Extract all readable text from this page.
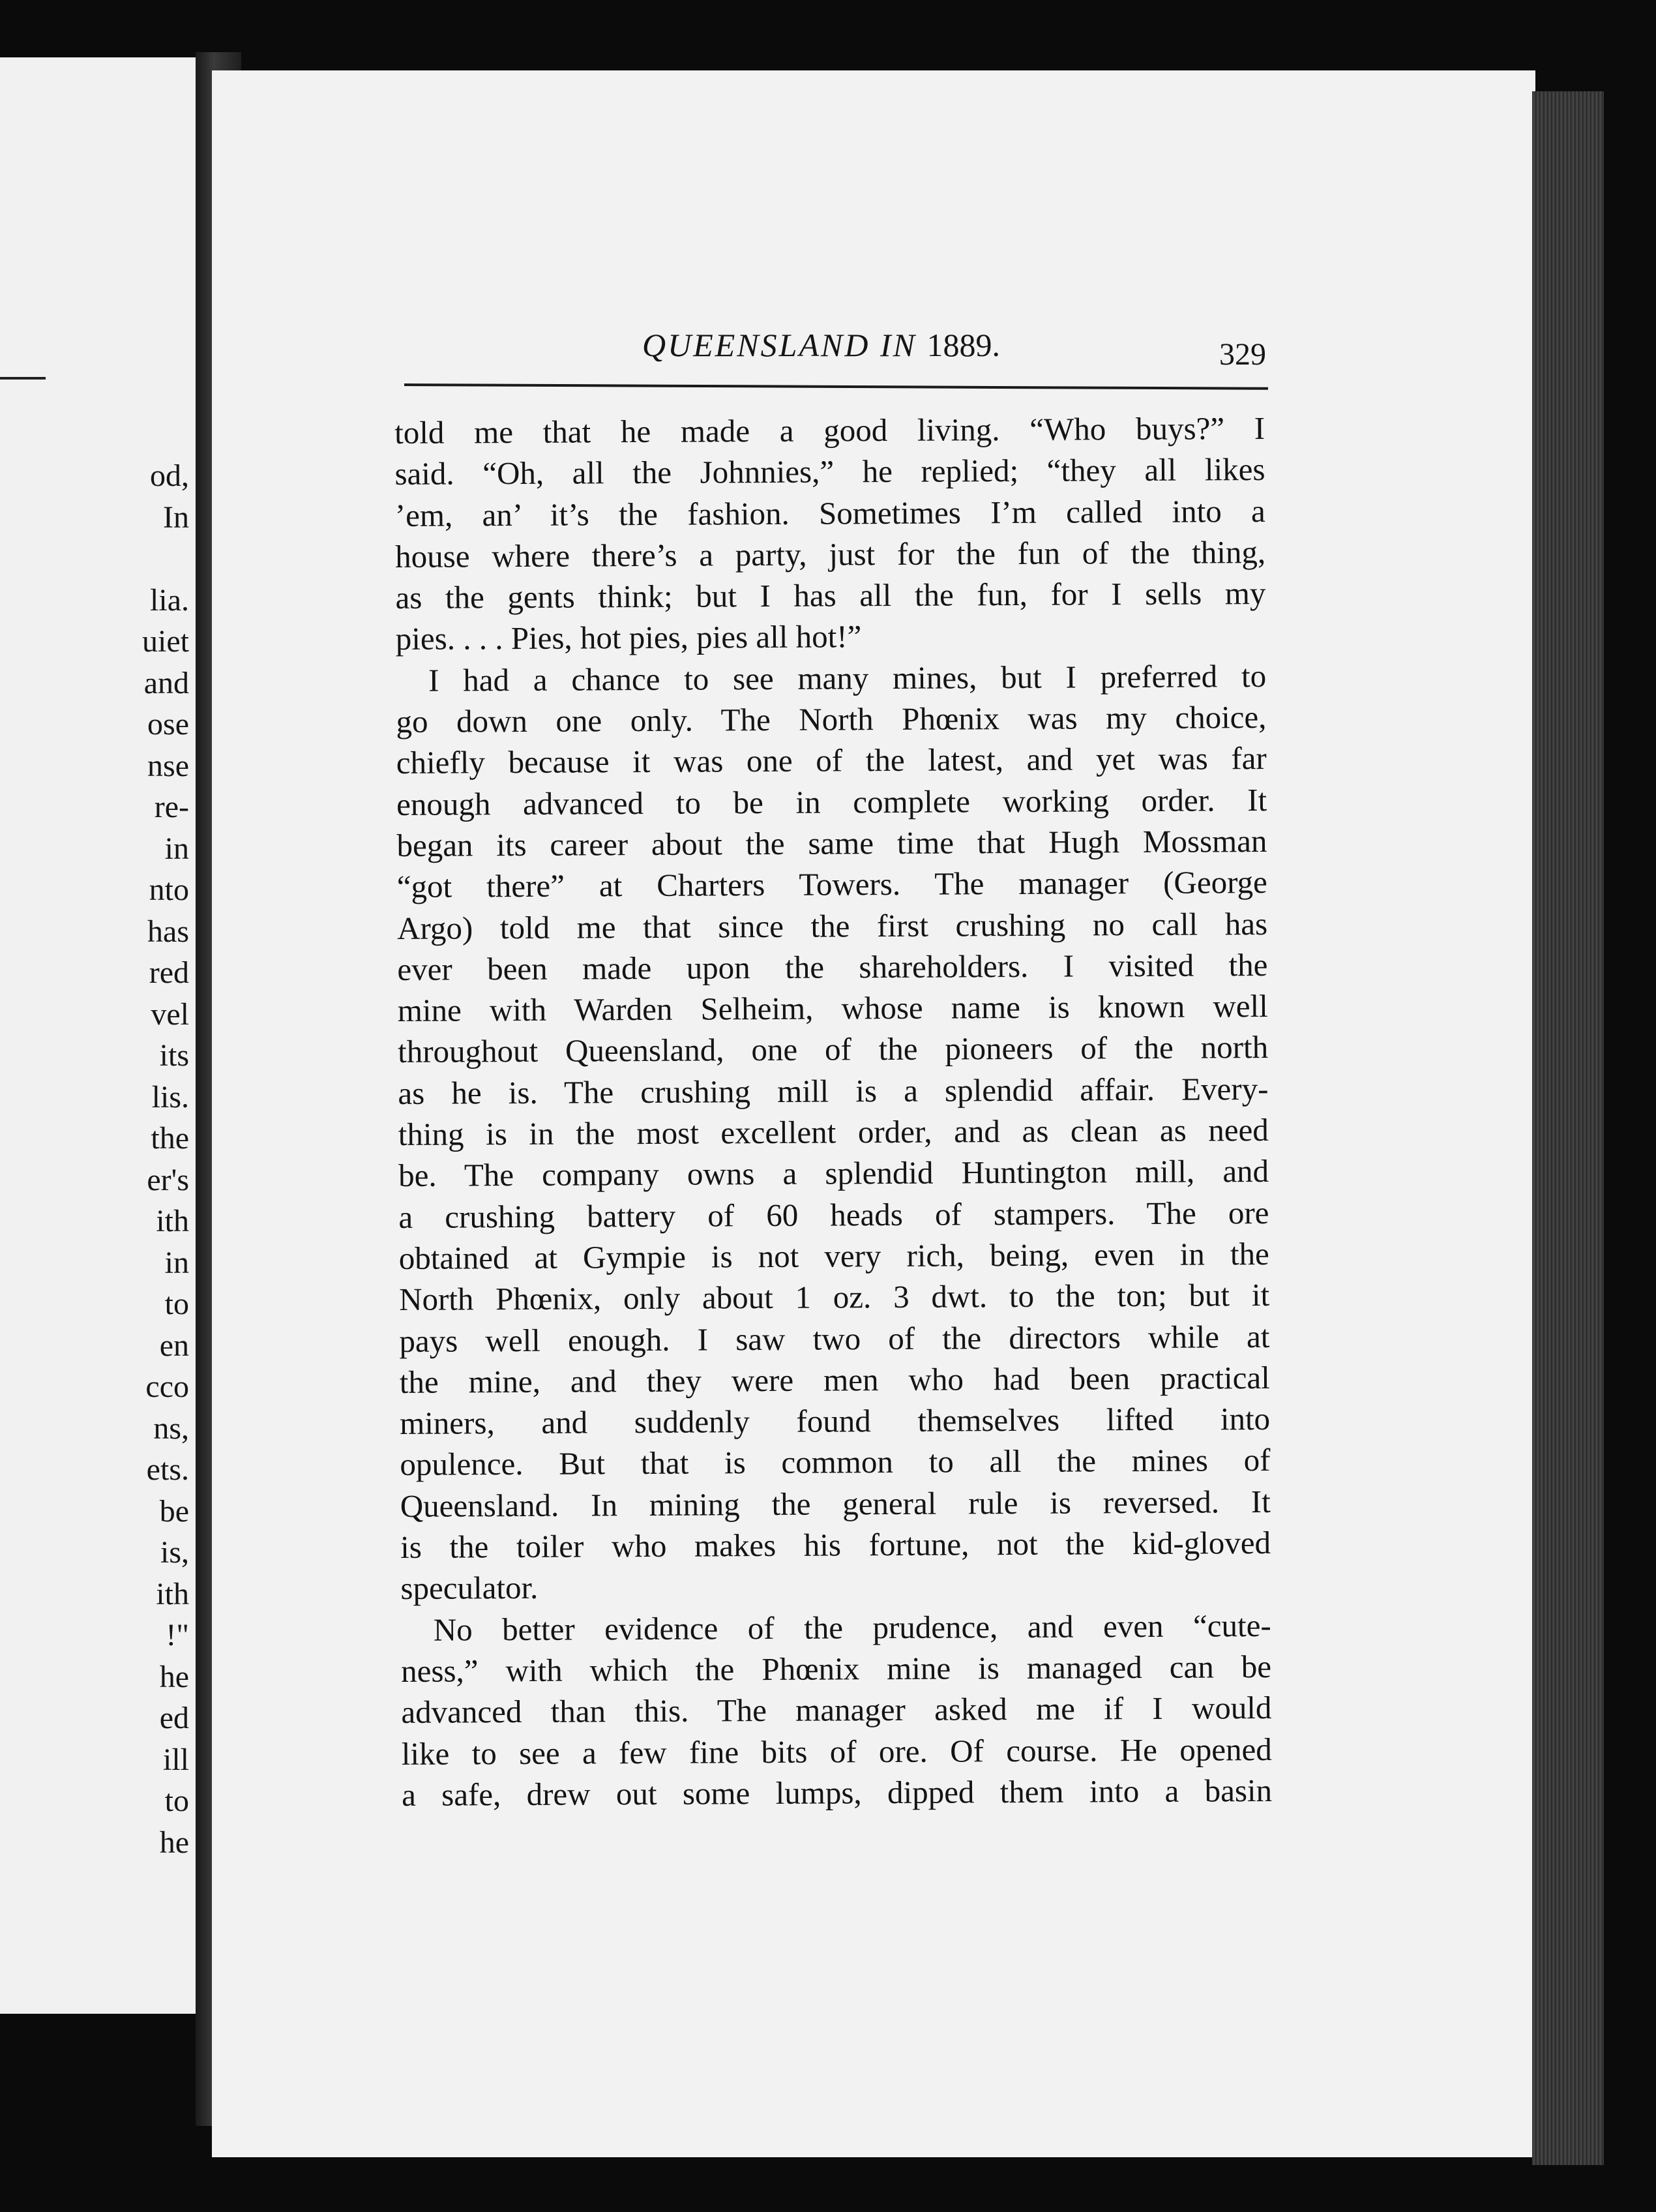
od,
In
lia.
uiet
and
ose
nse
re-
in
nto
has
red
vel
its
lis.
the
er's
ith
in
to
en
cco
ns,
ets.
be
is,
ith
!"
he
ed
ill
to
he
QUEENSLAND IN 1889.	329
told me that he made a good living. “Who buys?” I
said. “Oh, all the Johnnies,” he replied; “they all likes
’em, an’ it’s the fashion. Sometimes I’m called into a
house where there’s a party, just for the fun of the thing,
as the gents think; but I has all the fun, for I sells my
pies. . . . Pies, hot pies, pies all hot!”
I had a chance to see many mines, but I preferred to
go down one only. The North Phœnix was my choice,
chiefly because it was one of the latest, and yet was far
enough advanced to be in complete working order. It
began its career about the same time that Hugh Mossman
“got there” at Charters Towers. The manager (George
Argo) told me that since the first crushing no call has
ever been made upon the shareholders. I visited the
mine with Warden Selheim, whose name is known well
throughout Queensland, one of the pioneers of the north
as he is. The crushing mill is a splendid affair. Every-
thing is in the most excellent order, and as clean as need
be. The company owns a splendid Huntington mill, and
a crushing battery of 60 heads of stampers. The ore
obtained at Gympie is not very rich, being, even in the
North Phœnix, only about 1 oz. 3 dwt. to the ton; but it
pays well enough. I saw two of the directors while at
the mine, and they were men who had been practical
miners, and suddenly found themselves lifted into
opulence. But that is common to all the mines of
Queensland. In mining the general rule is reversed. It
is the toiler who makes his fortune, not the kid-gloved
speculator.
No better evidence of the prudence, and even “cute-
ness,” with which the Phœnix mine is managed can be
advanced than this. The manager asked me if I would
like to see a few fine bits of ore. Of course. He opened
a safe, drew out some lumps, dipped them into a basin
